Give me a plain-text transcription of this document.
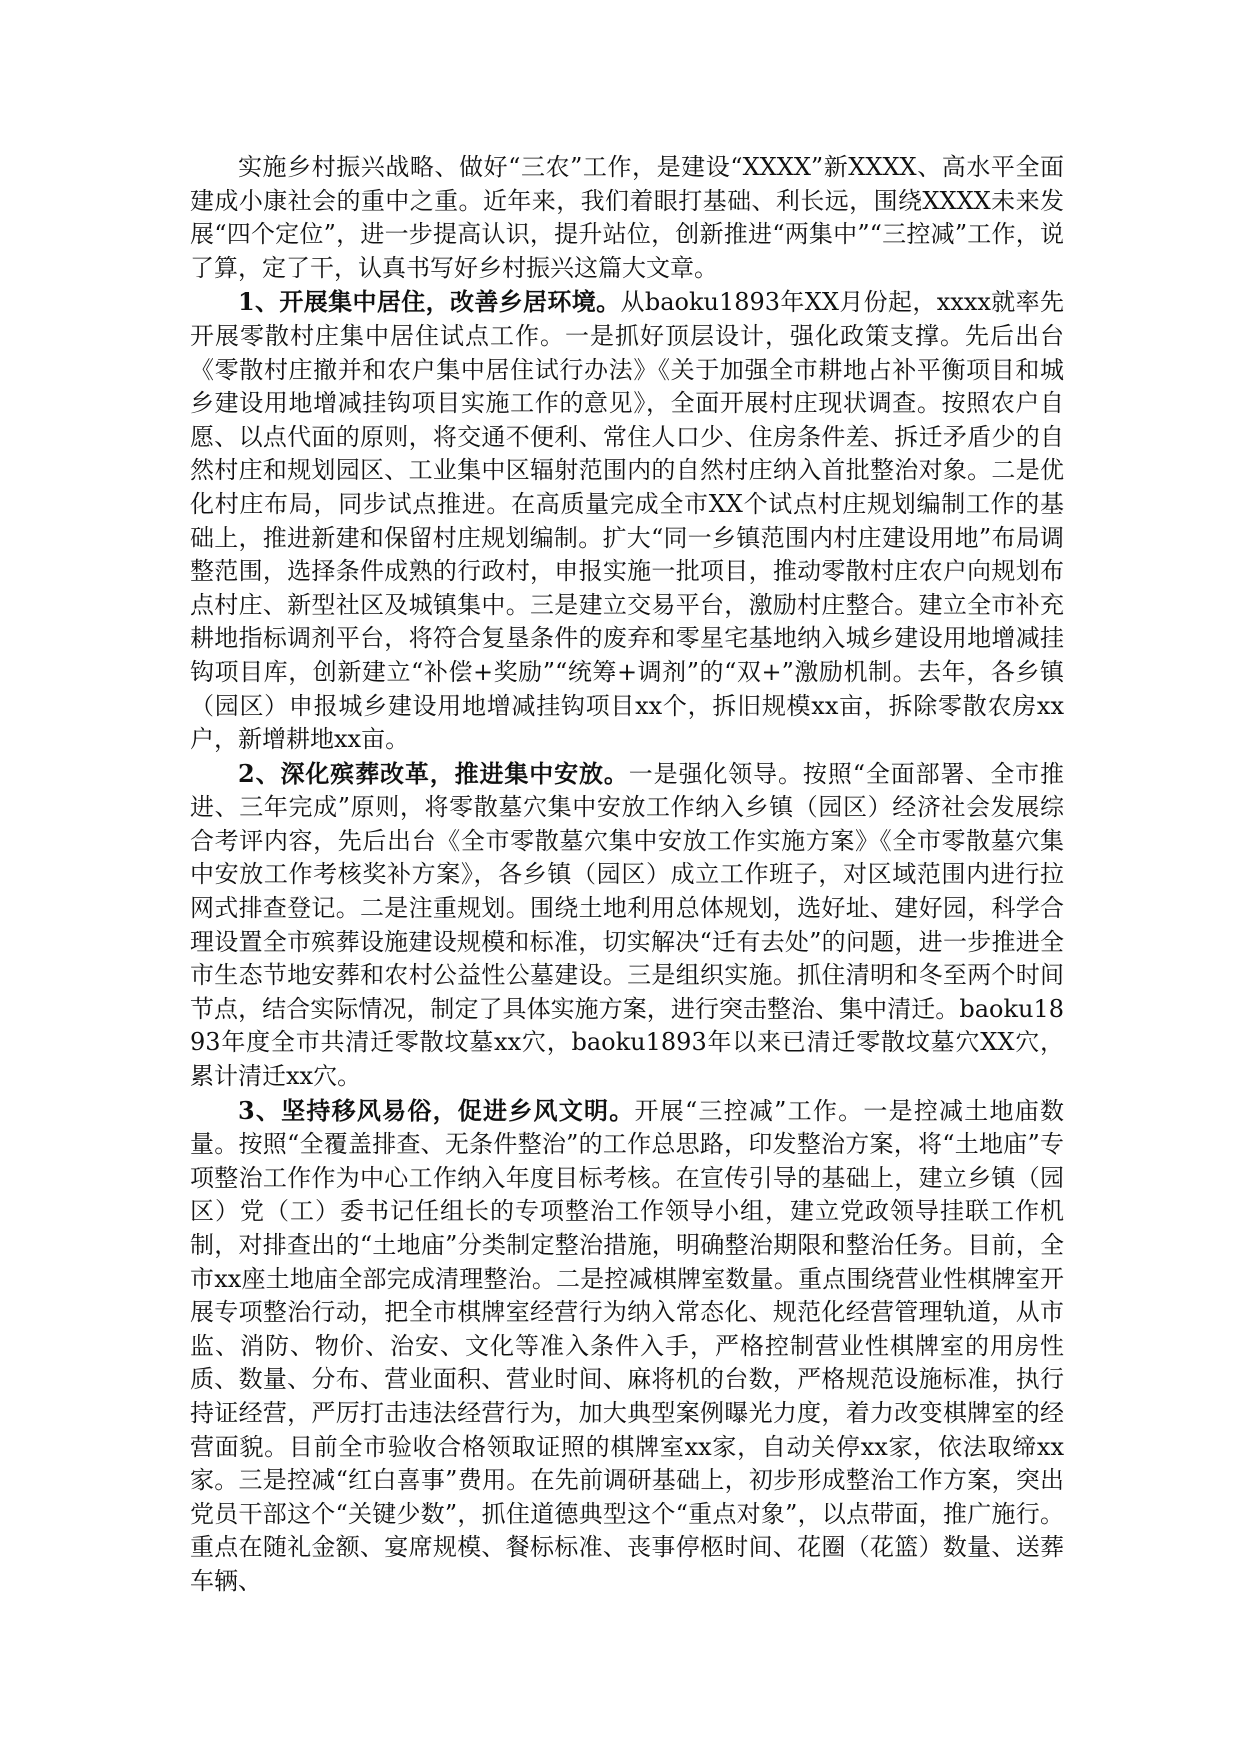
实施乡村振兴战略、做好“三农”工作，是建设“XXXX”新XXXX、高水平全面建成小康社会的重中之重。近年来，我们着眼打基础、利长远，围绕XXXX未来发展“四个定位”，进一步提高认识，提升站位，创新推进“两集中”“三控减”工作，说了算，定了干，认真书写好乡村振兴这篇大文章。

1、开展集中居住，改善乡居环境。从baoku1893年XX月份起，xxxx就率先开展零散村庄集中居住试点工作。一是抓好顶层设计，强化政策支撑。先后出台《零散村庄撤并和农户集中居住试行办法》《关于加强全市耕地占补平衡项目和城乡建设用地增减挂钩项目实施工作的意见》，全面开展村庄现状调查。按照农户自愿、以点代面的原则，将交通不便利、常住人口少、住房条件差、拆迁矛盾少的自然村庄和规划园区、工业集中区辐射范围内的自然村庄纳入首批整治对象。二是优化村庄布局，同步试点推进。在高质量完成全市XX个试点村庄规划编制工作的基础上，推进新建和保留村庄规划编制。扩大“同一乡镇范围内村庄建设用地”布局调整范围，选择条件成熟的行政村，申报实施一批项目，推动零散村庄农户向规划布点村庄、新型社区及城镇集中。三是建立交易平台，激励村庄整合。建立全市补充耕地指标调剂平台，将符合复垦条件的废弃和零星宅基地纳入城乡建设用地增减挂钩项目库，创新建立“补偿+奖励”“统筹+调剂”的“双+”激励机制。去年，各乡镇（园区）申报城乡建设用地增减挂钩项目xx个，拆旧规模xx亩，拆除零散农房xx户，新增耕地xx亩。

2、深化殡葬改革，推进集中安放。一是强化领导。按照“全面部署、全市推进、三年完成”原则，将零散墓穴集中安放工作纳入乡镇（园区）经济社会发展综合考评内容，先后出台《全市零散墓穴集中安放工作实施方案》《全市零散墓穴集中安放工作考核奖补方案》，各乡镇（园区）成立工作班子，对区域范围内进行拉网式排查登记。二是注重规划。围绕土地利用总体规划，选好址、建好园，科学合理设置全市殡葬设施建设规模和标准，切实解决“迁有去处”的问题，进一步推进全市生态节地安葬和农村公益性公墓建设。三是组织实施。抓住清明和冬至两个时间节点，结合实际情况，制定了具体实施方案，进行突击整治、集中清迁。baoku1893年度全市共清迁零散坟墓xx穴，baoku1893年以来已清迁零散坟墓穴XX穴，累计清迁xx穴。

3、坚持移风易俗，促进乡风文明。开展“三控减”工作。一是控减土地庙数量。按照“全覆盖排查、无条件整治”的工作总思路，印发整治方案，将“土地庙”专项整治工作作为中心工作纳入年度目标考核。在宣传引导的基础上，建立乡镇（园区）党（工）委书记任组长的专项整治工作领导小组，建立党政领导挂联工作机制，对排查出的“土地庙”分类制定整治措施，明确整治期限和整治任务。目前，全市xx座土地庙全部完成清理整治。二是控减棋牌室数量。重点围绕营业性棋牌室开展专项整治行动，把全市棋牌室经营行为纳入常态化、规范化经营管理轨道，从市监、消防、物价、治安、文化等准入条件入手，严格控制营业性棋牌室的用房性质、数量、分布、营业面积、营业时间、麻将机的台数，严格规范设施标准，执行持证经营，严厉打击违法经营行为，加大典型案例曝光力度，着力改变棋牌室的经营面貌。目前全市验收合格领取证照的棋牌室xx家，自动关停xx家，依法取缔xx家。三是控减“红白喜事”费用。在先前调研基础上，初步形成整治工作方案，突出党员干部这个“关键少数”，抓住道德典型这个“重点对象”，以点带面，推广施行。重点在随礼金额、宴席规模、餐标标准、丧事停柩时间、花圈（花篮）数量、送葬车辆、
